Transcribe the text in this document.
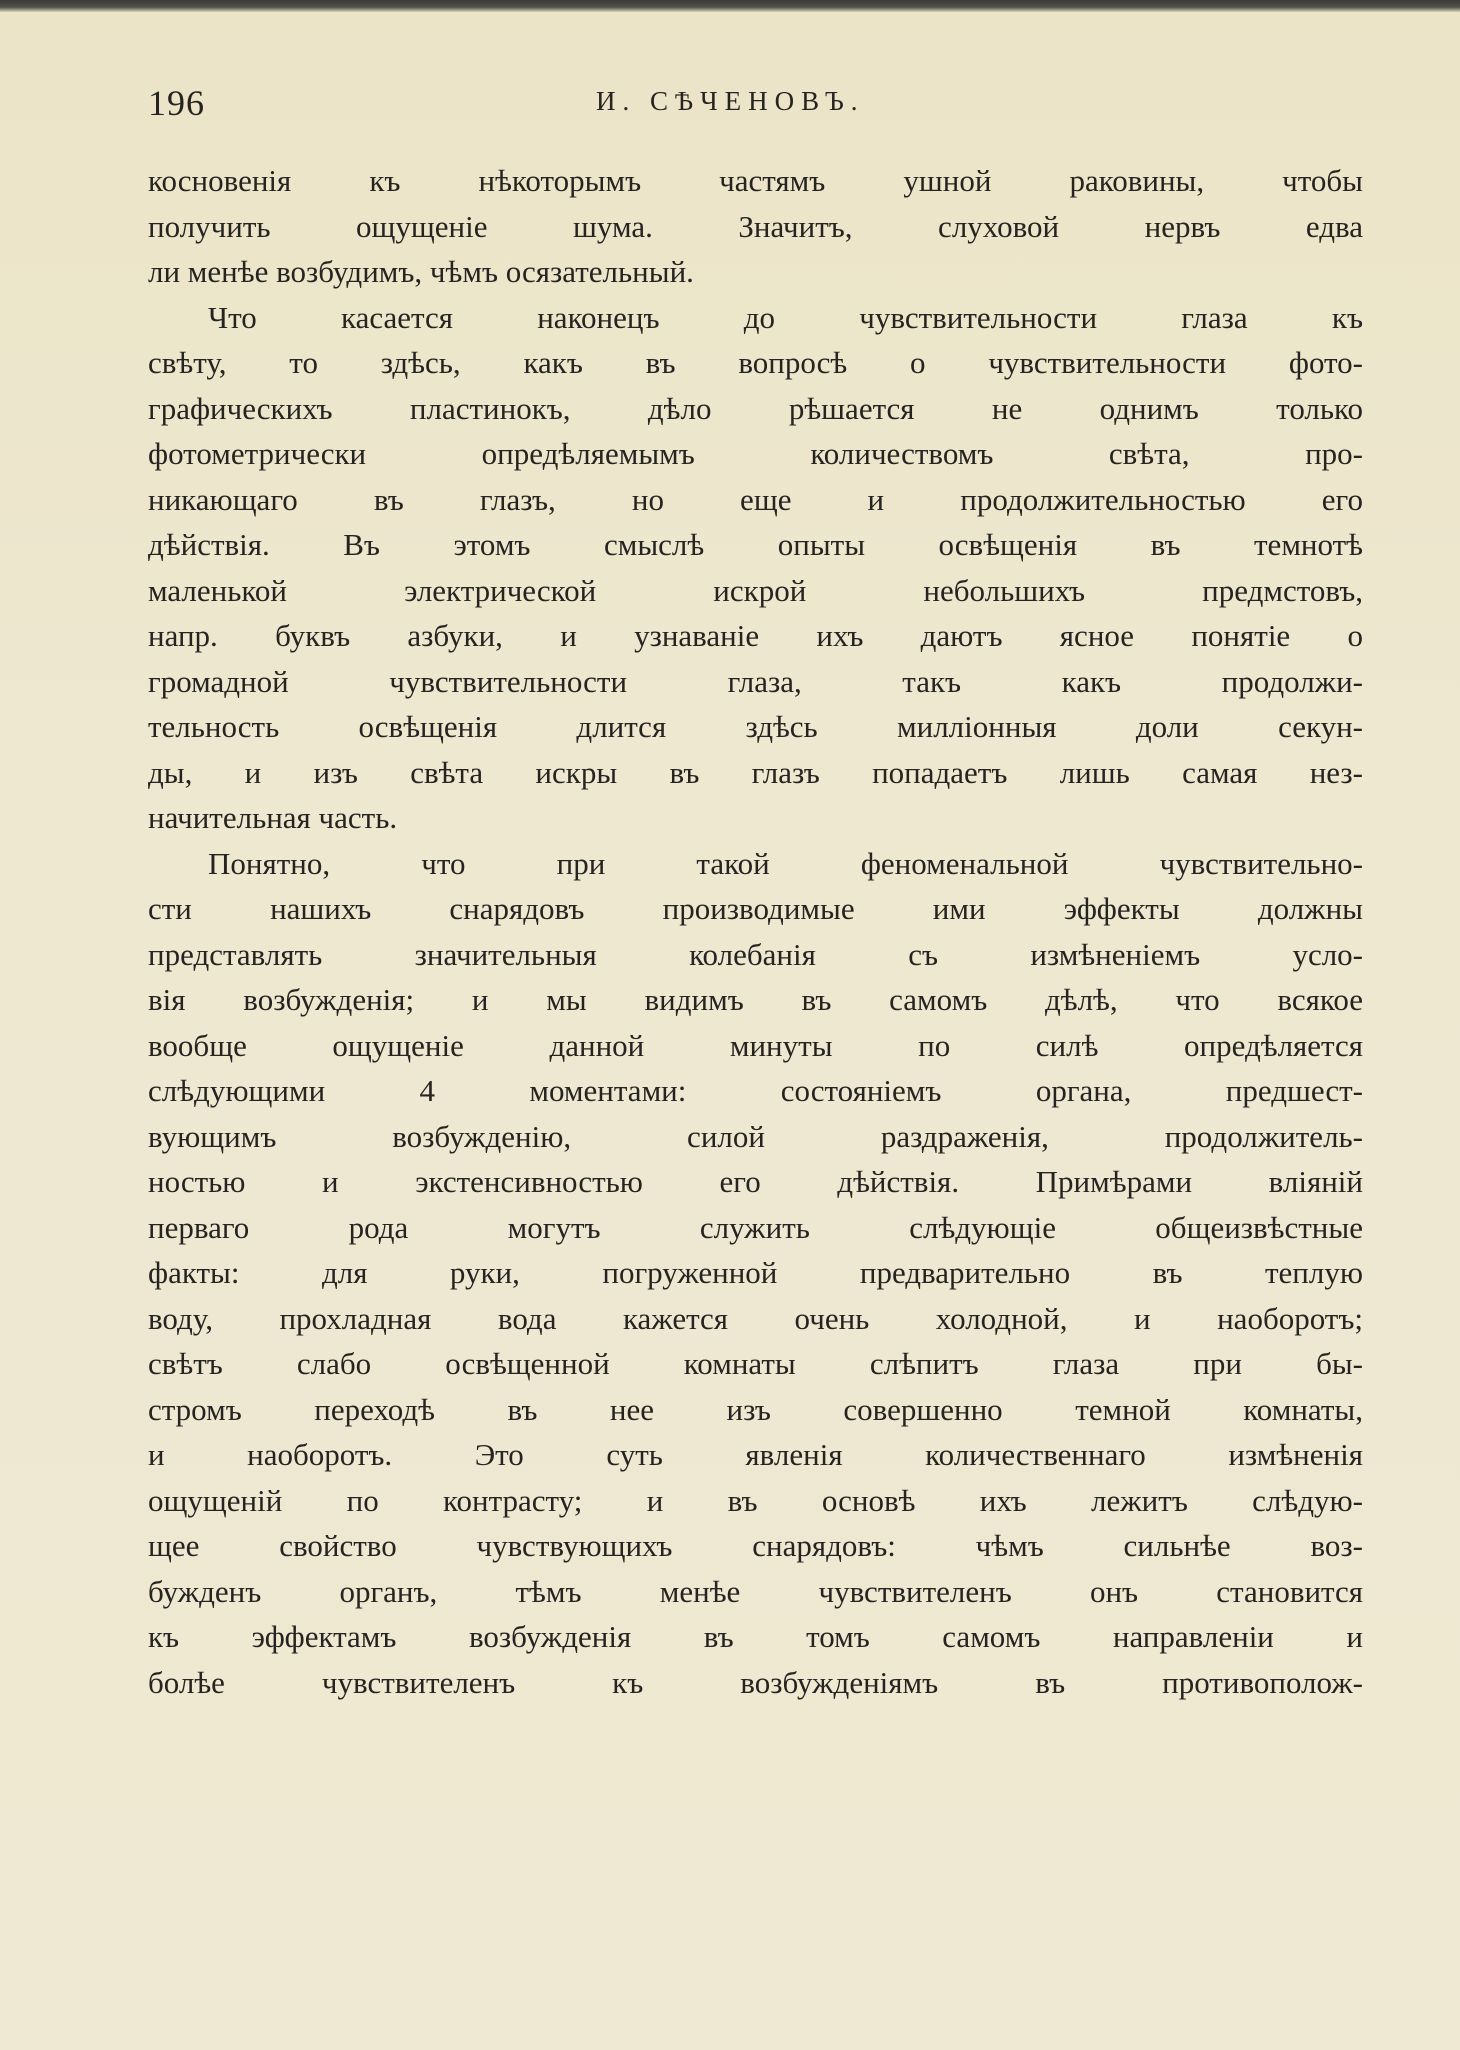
196	И. СѢЧЕНОВЪ.
косновенія къ нѣкоторымъ частямъ ушной раковины, чтобы
получить ощущеніе шума. Значитъ, слуховой нервъ едва
ли менѣе возбудимъ, чѣмъ осязательный.
Что касается наконецъ до чувствительности глаза къ
свѣту, то здѣсь, какъ въ вопросѣ о чувствительности фото-
графическихъ пластинокъ, дѣло рѣшается не однимъ только
фотометрически опредѣляемымъ количествомъ свѣта, про-
никающаго въ глазъ, но еще и продолжительностью его
дѣйствія. Въ этомъ смыслѣ опыты освѣщенія въ темнотѣ
маленькой электрической искрой небольшихъ предмстовъ,
напр. буквъ азбуки, и узнаваніе ихъ даютъ ясное понятіе о
громадной чувствительности глаза, такъ какъ продолжи-
тельность освѣщенія длится здѣсь милліонныя доли секун-
ды, и изъ свѣта искры въ глазъ попадаетъ лишь самая нез-
начительная часть.
Понятно, что при такой феноменальной чувствительно-
сти нашихъ снарядовъ производимые ими эффекты должны
представлять значительныя колебанія съ измѣненіемъ усло-
вія возбужденія; и мы видимъ въ самомъ дѣлѣ, что всякое
вообще ощущеніе данной минуты по силѣ опредѣляется
слѣдующими 4 моментами: состояніемъ органа, предшест-
вующимъ возбужденію, силой раздраженія, продолжитель-
ностью и экстенсивностью его дѣйствія. Примѣрами вліяній
перваго рода могутъ служить слѣдующіе общеизвѣстные
факты: для руки, погруженной предварительно въ теплую
воду, прохладная вода кажется очень холодной, и наоборотъ;
свѣтъ слабо освѣщенной комнаты слѣпитъ глаза при бы-
стромъ переходѣ въ нее изъ совершенно темной комнаты,
и наоборотъ. Это суть явленія количественнаго измѣненія
ощущеній по контрасту; и въ основѣ ихъ лежитъ слѣдую-
щее свойство чувствующихъ снарядовъ: чѣмъ сильнѣе воз-
бужденъ органъ, тѣмъ менѣе чувствителенъ онъ становится
къ эффектамъ возбужденія въ томъ самомъ направленіи и
болѣе чувствителенъ къ возбужденіямъ въ противополож-
